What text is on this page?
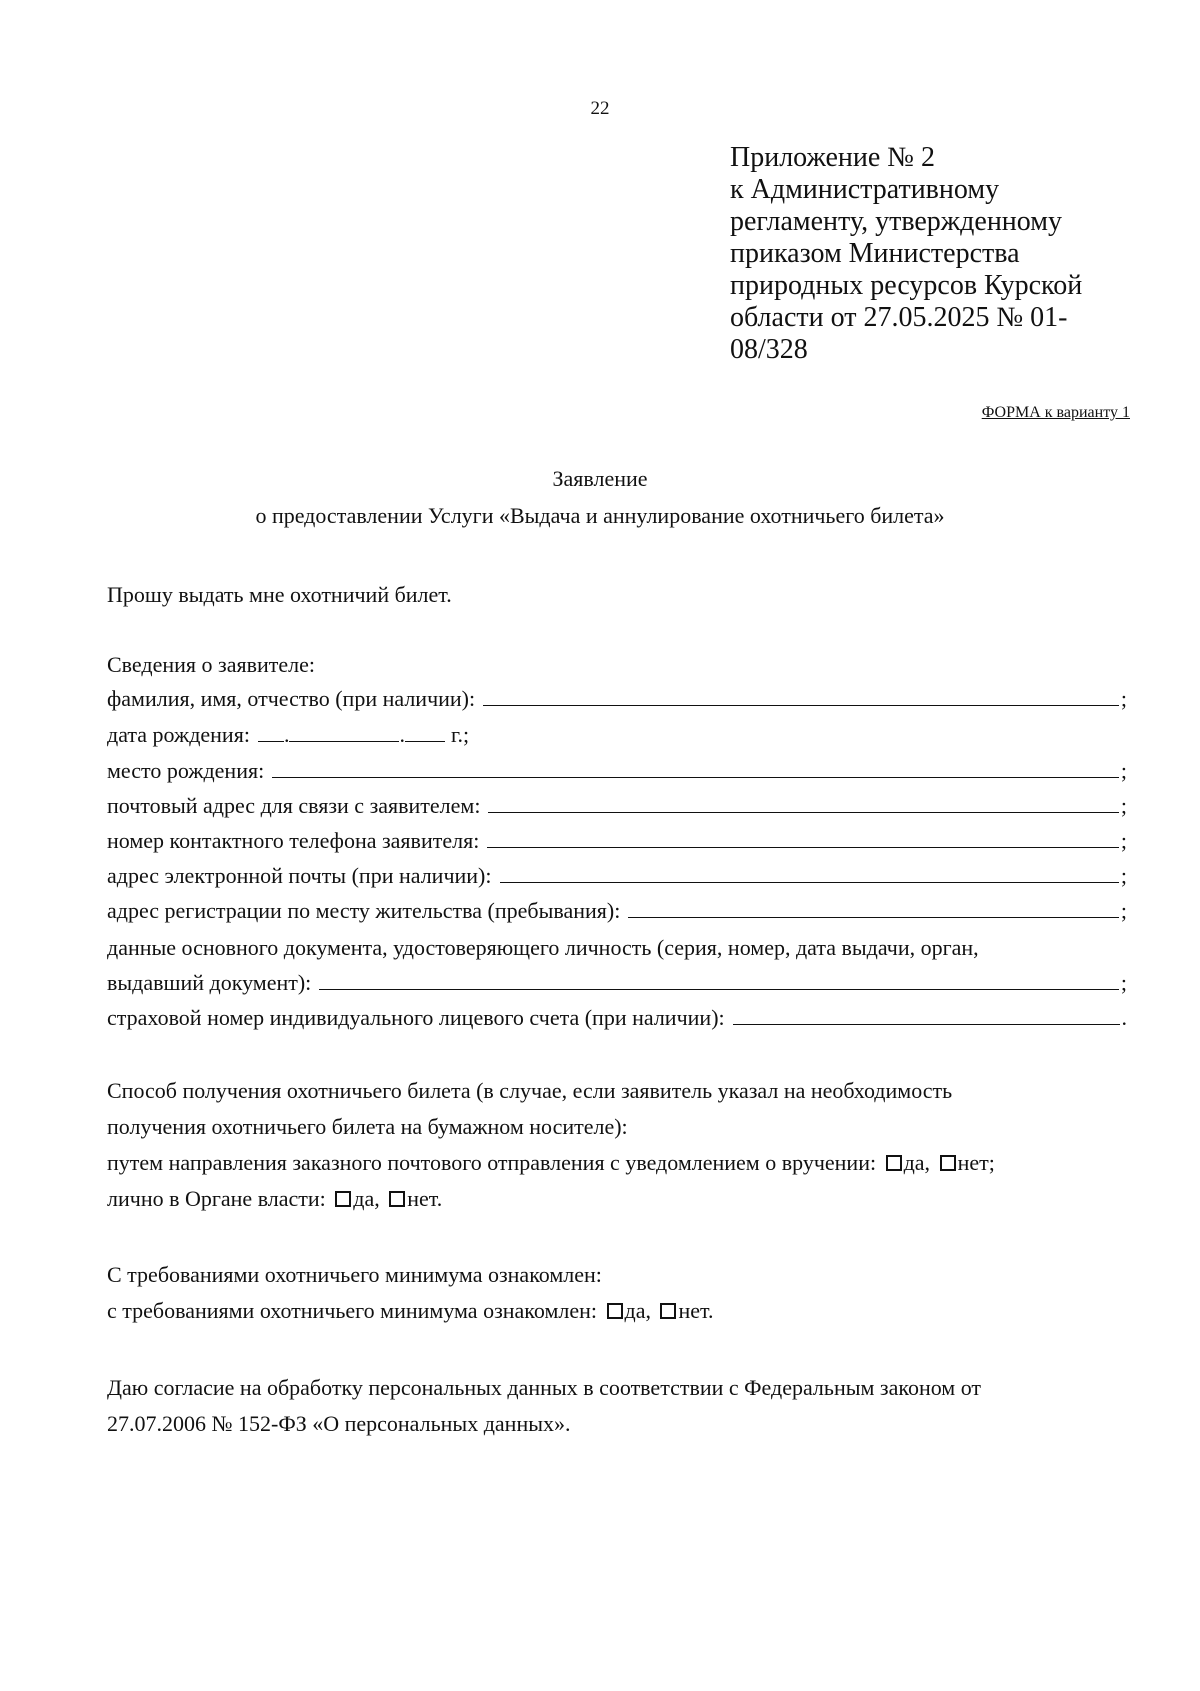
22
Приложение № 2
к Административному
регламенту, утвержденному
приказом Министерства
природных ресурсов Курской
области от 27.05.2025 № 01-
08/328
ФОРМА к варианту 1
Заявление
о предоставлении Услуги «Выдача и аннулирование охотничьего билета»
Прошу выдать мне охотничий билет.
Сведения о заявителе:
фамилия, имя, отчество (при наличии):	;
дата рождения: .	. г.;
место рождения:	;
почтовый адрес для связи с заявителем:	;
номер контактного телефона заявителя:	;
адрес электронной почты (при наличии):	;
адрес регистрации по месту жительства (пребывания):	;
данные основного документа, удостоверяющего личность (серия, номер, дата выдачи, орган,
выдавший документ):	;
страховой номер индивидуального лицевого счета (при наличии):	.
Способ получения охотничьего билета (в случае, если заявитель указал на необходимость
получения охотничьего билета на бумажном носителе):
путем направления заказного почтового отправления с уведомлением о вручении: да, нет;
лично в Органе власти: да, нет.
С требованиями охотничьего минимума ознакомлен:
с требованиями охотничьего минимума ознакомлен: да, нет.
Даю согласие на обработку персональных данных в соответствии с Федеральным законом от
27.07.2006 № 152-ФЗ «О персональных данных».
